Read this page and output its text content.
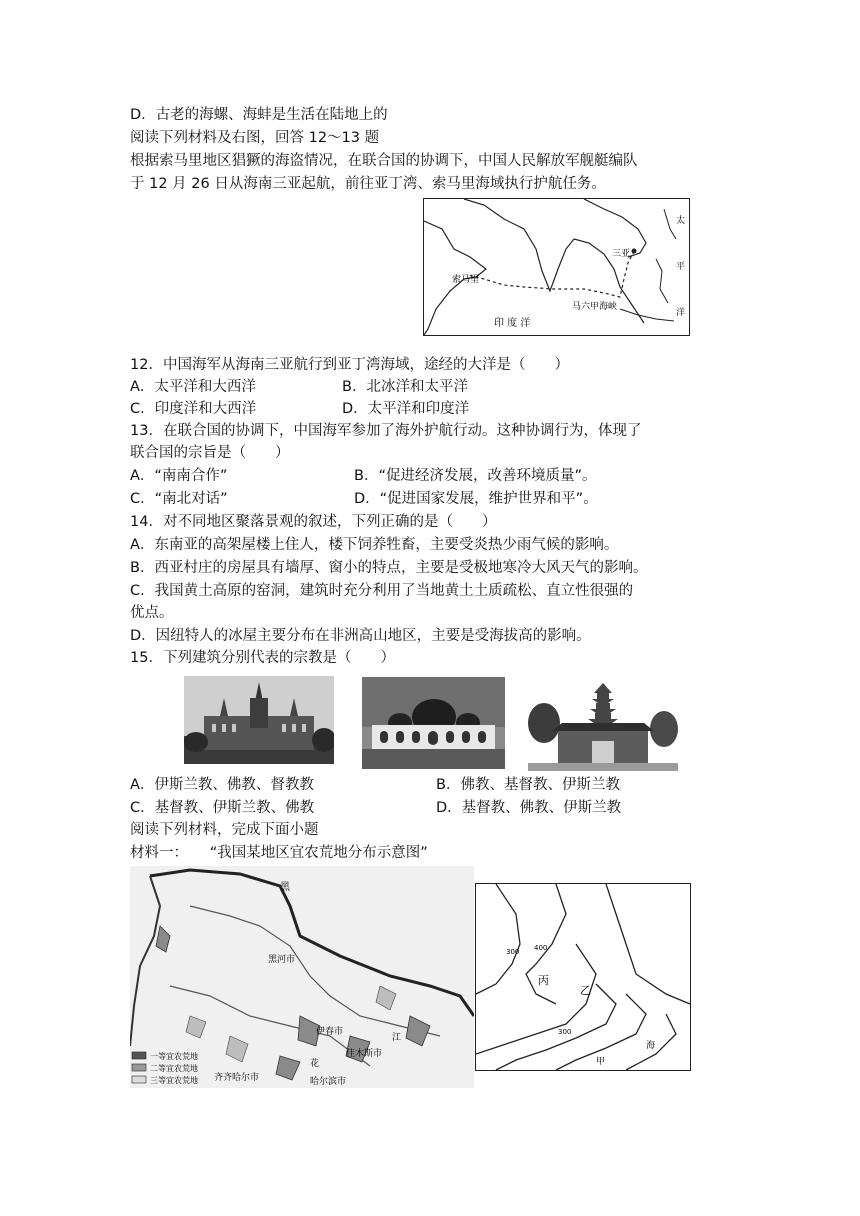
D．古老的海螺、海蚌是生活在陆地上的
阅读下列材料及右图，回答 12～13 题
根据索马里地区猖獗的海盗情况，在联合国的协调下，中国人民解放军舰艇编队
于 12 月 26 日从海南三亚起航，前往亚丁湾、索马里海域执行护航任务。
三亚
索马里
马六甲海峡
印 度 洋
太
平
洋
12．中国海军从海南三亚航行到亚丁湾海域，途经的大洋是（　　）
A．太平洋和大西洋	B．北冰洋和太平洋
C．印度洋和大西洋	D．太平洋和印度洋
13．在联合国的协调下，中国海军参加了海外护航行动。这种协调行为，体现了
联合国的宗旨是（　　）
A．“南南合作”	B．“促进经济发展，改善环境质量”。
C．“南北对话”	D．“促进国家发展，维护世界和平”。
14．对不同地区聚落景观的叙述，下列正确的是（　　）
A．东南亚的高架屋楼上住人，楼下饲养牲畜，主要受炎热少雨气候的影响。
B．西亚村庄的房屋具有墙厚、窗小的特点，主要是受极地寒冷大风天气的影响。
C．我国黄土高原的窑洞，建筑时充分利用了当地黄土土质疏松、直立性很强的
优点。
D．因纽特人的冰屋主要分布在非洲高山地区，主要是受海拔高的影响。
15．下列建筑分别代表的宗教是（　　）
A．伊斯兰教、佛教、督教教	B．佛教、基督教、伊斯兰教
C．基督教、伊斯兰教、佛教	D．基督教、佛教、伊斯兰教
阅读下列材料，完成下面小题
材料一：　　“我国某地区宜农荒地分布示意图”
黑河市
伊春市
佳木斯市
齐齐哈尔市	哈尔滨市
黑
江
花
一等宜农荒地
二等宜农荒地
三等宜农荒地
丙
乙
甲
海
300 400
300
